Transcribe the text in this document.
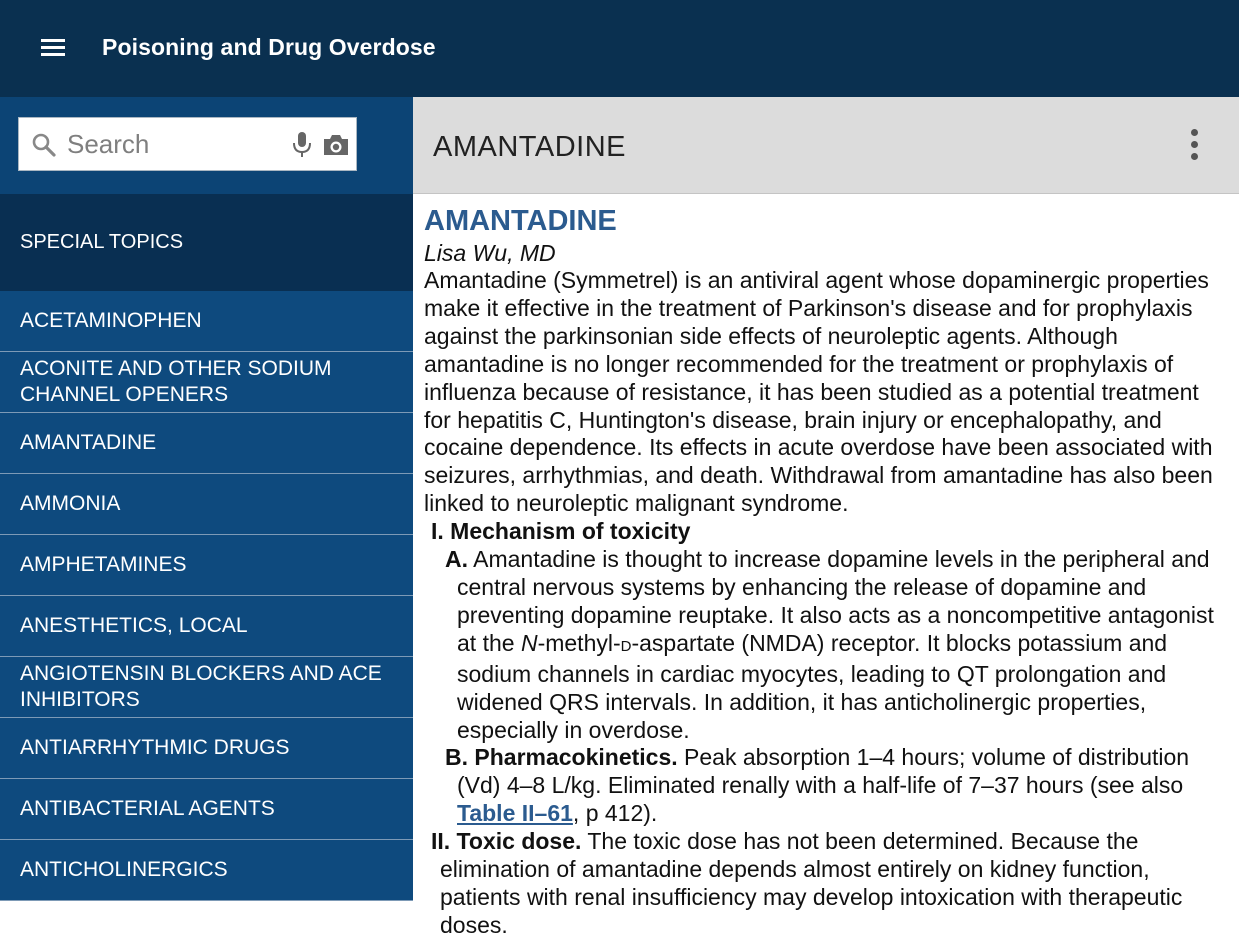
Poisoning and Drug Overdose
Search
SPECIAL TOPICS
ACETAMINOPHEN
ACONITE AND OTHER SODIUM CHANNEL OPENERS
AMANTADINE
AMMONIA
AMPHETAMINES
ANESTHETICS, LOCAL
ANGIOTENSIN BLOCKERS AND ACE INHIBITORS
ANTIARRHYTHMIC DRUGS
ANTIBACTERIAL AGENTS
ANTICHOLINERGICS
AMANTADINE
AMANTADINE
Lisa Wu, MD

Amantadine (Symmetrel) is an antiviral agent whose dopaminergic properties make it effective in the treatment of Parkinson's disease and for prophylaxis against the parkinsonian side effects of neuroleptic agents. Although amantadine is no longer recommended for the treatment or prophylaxis of influenza because of resistance, it has been studied as a potential treatment for hepatitis C, Huntington's disease, brain injury or encephalopathy, and cocaine dependence. Its effects in acute overdose have been associated with seizures, arrhythmias, and death. Withdrawal from amantadine has also been linked to neuroleptic malignant syndrome.

I. Mechanism of toxicity

A. Amantadine is thought to increase dopamine levels in the peripheral and central nervous systems by enhancing the release of dopamine and preventing dopamine reuptake. It also acts as a noncompetitive antagonist at the N-methyl-D-aspartate (NMDA) receptor. It blocks potassium and sodium channels in cardiac myocytes, leading to QT prolongation and widened QRS intervals. In addition, it has anticholinergic properties, especially in overdose.

B. Pharmacokinetics. Peak absorption 1–4 hours; volume of distribution (Vd) 4–8 L/kg. Eliminated renally with a half-life of 7–37 hours (see also Table II–61, p 412).

II. Toxic dose. The toxic dose has not been determined. Because the elimination of amantadine depends almost entirely on kidney function, patients with renal insufficiency may develop intoxication with therapeutic doses.
